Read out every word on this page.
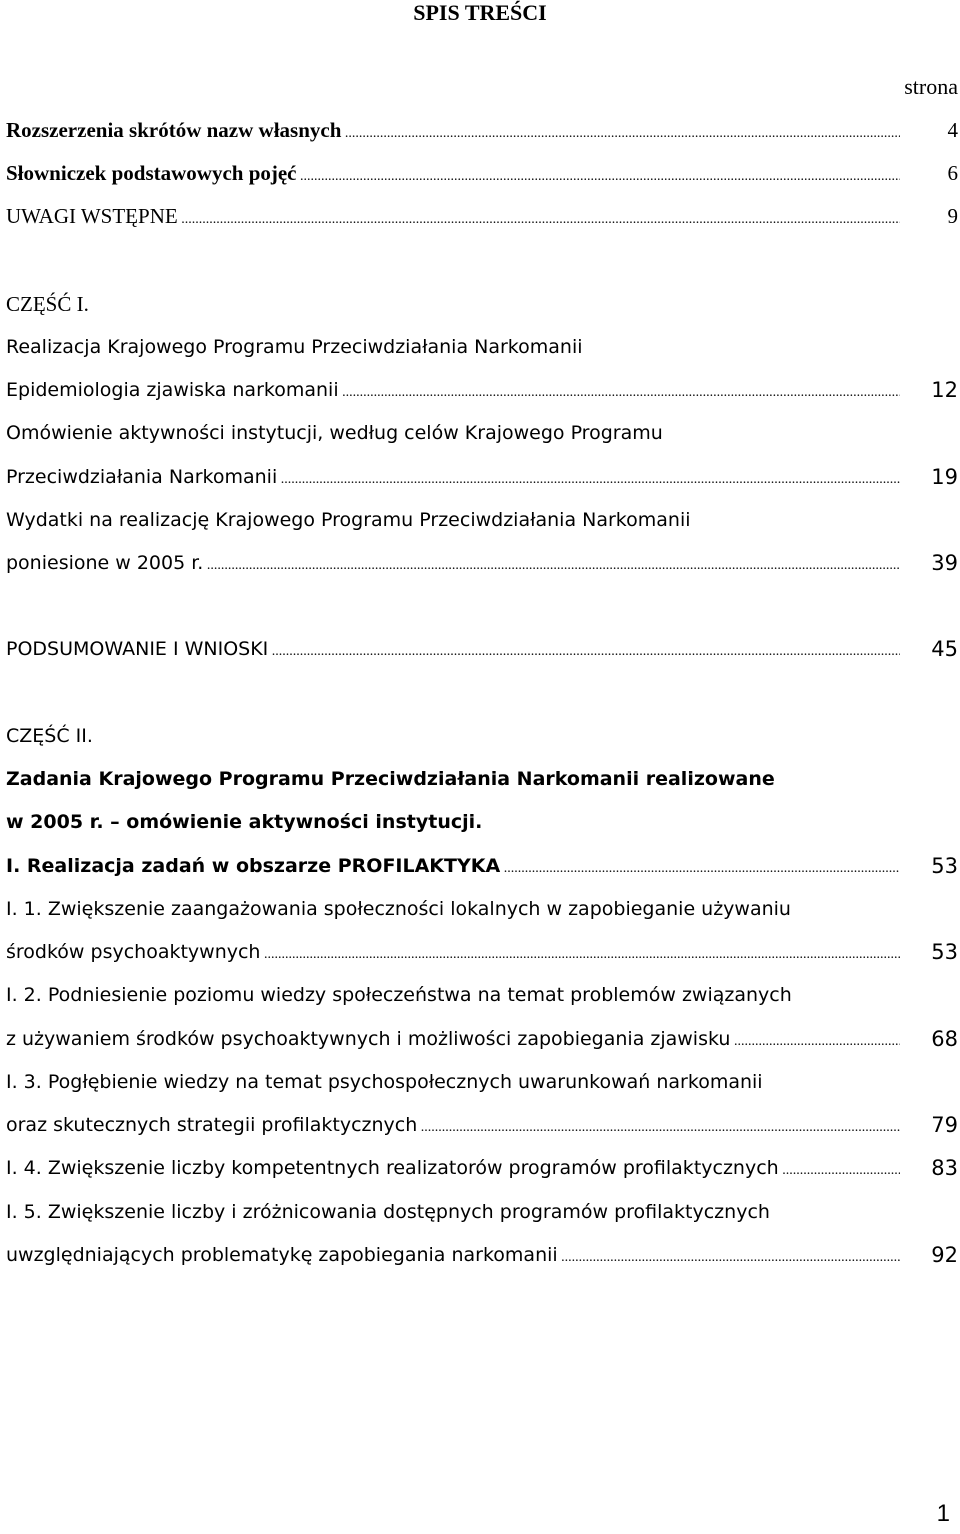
SPIS TREŚCI
strona
Rozszerzenia skrótów nazw własnych .....	4
Słowniczek podstawowych pojęć .....	6
UWAGI WSTĘPNE .....	9
CZĘŚĆ I.
Realizacja Krajowego Programu Przeciwdziałania Narkomanii
Epidemiologia zjawiska narkomanii .....	12
Omówienie aktywności instytucji, według celów Krajowego Programu
Przeciwdziałania Narkomanii .....	19
Wydatki na realizację Krajowego Programu Przeciwdziałania Narkomanii
poniesione w 2005 r. .....	39
PODSUMOWANIE I WNIOSKI .....	45
CZĘŚĆ II.
Zadania Krajowego Programu Przeciwdziałania Narkomanii realizowane
w 2005 r. – omówienie aktywności instytucji.
I. Realizacja zadań w obszarze PROFILAKTYKA .....	53
I. 1. Zwiększenie zaangażowania społeczności lokalnych w zapobieganie używaniu
środków psychoaktywnych .....	53
I. 2. Podniesienie poziomu wiedzy społeczeństwa na temat problemów związanych
z używaniem środków psychoaktywnych i możliwości zapobiegania zjawisku .....	68
I. 3. Pogłębienie wiedzy na temat psychospołecznych uwarunkowań narkomanii
oraz skutecznych strategii profilaktycznych .....	79
I. 4. Zwiększenie liczby kompetentnych realizatorów programów profilaktycznych .....	83
I. 5. Zwiększenie liczby i zróżnicowania dostępnych programów profilaktycznych
uwzględniających problematykę zapobiegania narkomanii .....	92
1
